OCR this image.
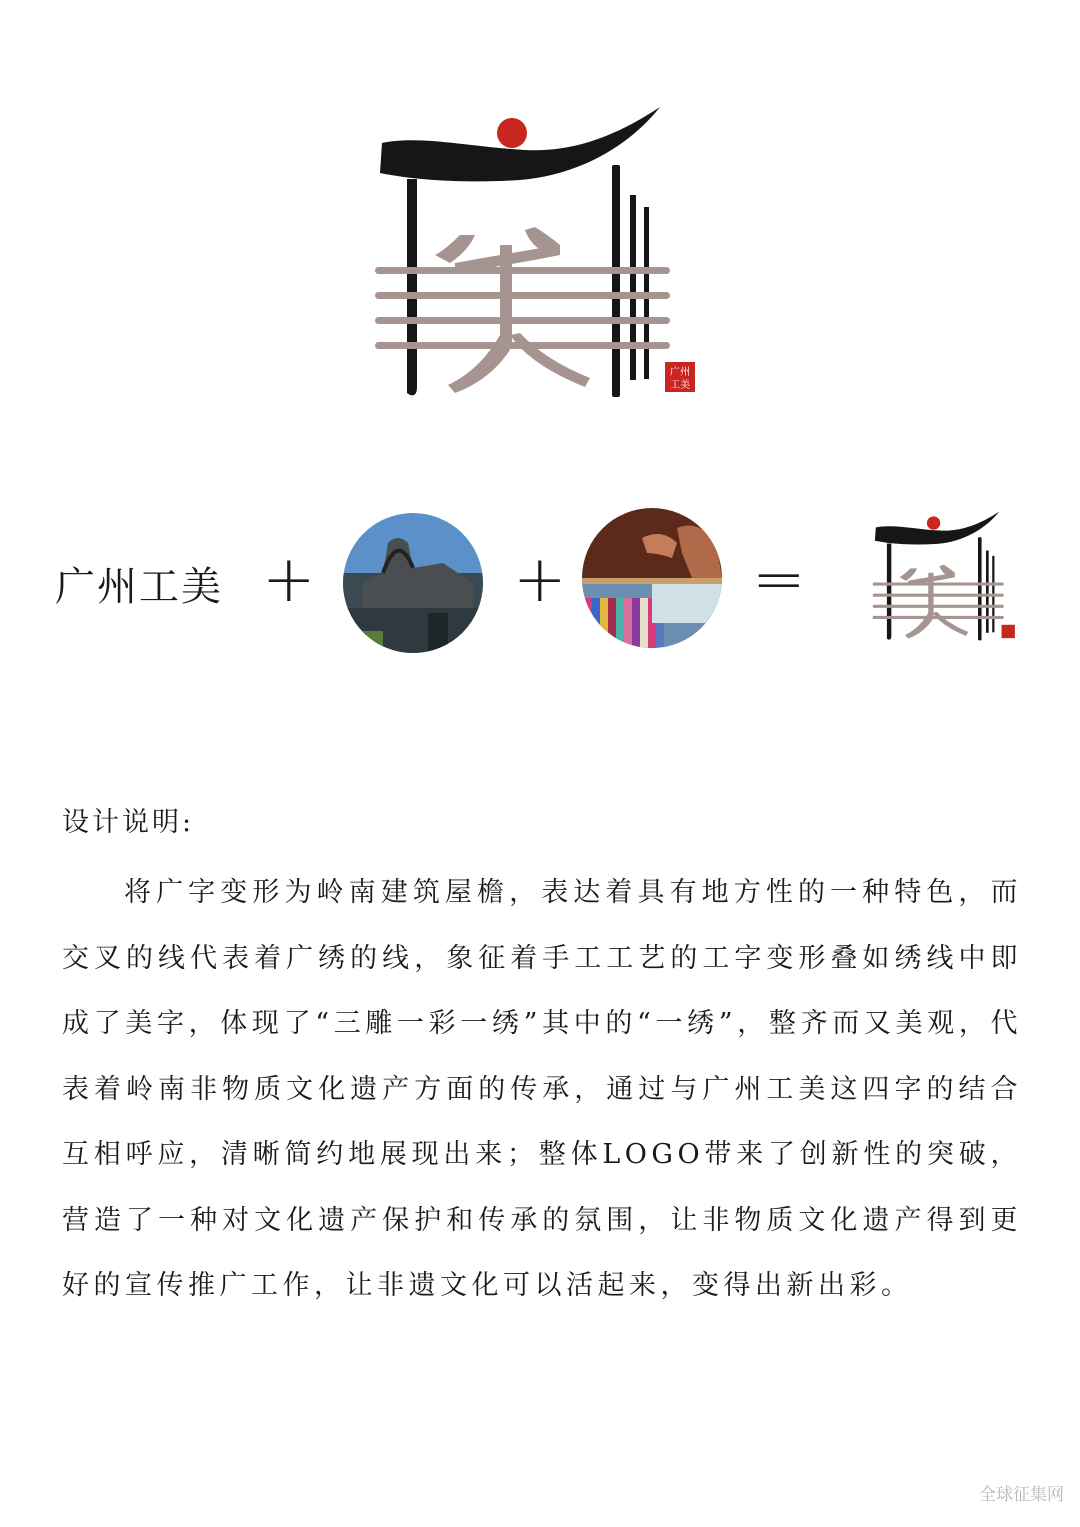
广州
工美
广州工美 +	+	=
设计说明:

将广字变形为岭南建筑屋檐，表达着具有地方性的一种特色，而交叉的线代表着广绣的线，象征着手工工艺的工字变形叠如绣线中即成了美字，体现了“三雕一彩一绣”其中的“一绣”，整齐而又美观，代表着岭南非物质文化遗产方面的传承，通过与广州工美这四字的结合互相呼应，清晰简约地展现出来；整体LOGO带来了创新性的突破，营造了一种对文化遗产保护和传承的氛围，让非物质文化遗产得到更好的宣传推广工作，让非遗文化可以活起来，变得出新出彩。

全球征集网
